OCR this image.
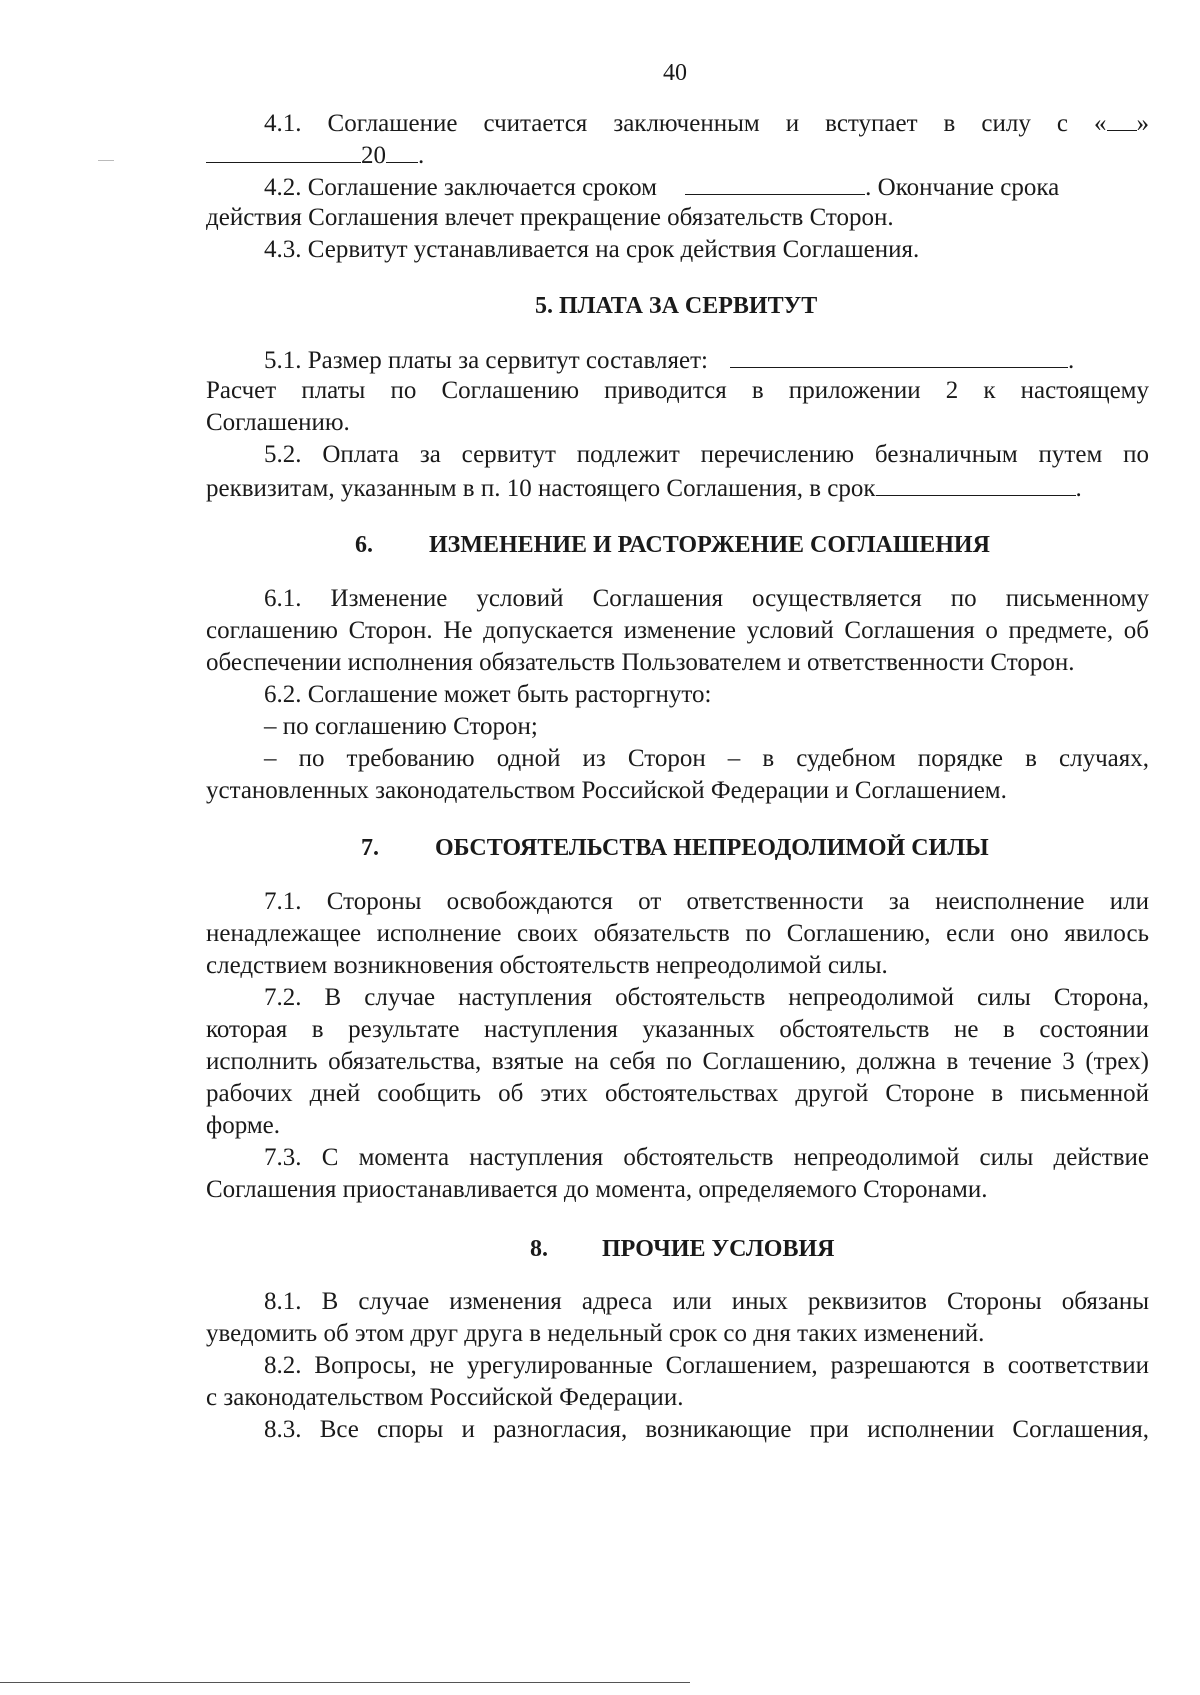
40
4.1. Соглашение считается заключенным и вступает в силу с « »
20 .
4.2. Соглашение заключается сроком	. Окончание срока
действия Соглашения влечет прекращение обязательств Сторон.
4.3. Сервитут устанавливается на срок действия Соглашения.
5. ПЛАТА ЗА СЕРВИТУТ
5.1. Размер платы за сервитут составляет:	.
Расчет платы по Соглашению приводится в приложении 2 к настоящему
Соглашению.
5.2. Оплата за сервитут подлежит перечислению безналичным путем по
реквизитам, указанным в п. 10 настоящего Соглашения, в срок	.
6. ИЗМЕНЕНИЕ И РАСТОРЖЕНИЕ СОГЛАШЕНИЯ
6.1. Изменение условий Соглашения осуществляется по письменному
соглашению Сторон. Не допускается изменение условий Соглашения о предмете, об
обеспечении исполнения обязательств Пользователем и ответственности Сторон.
6.2. Соглашение может быть расторгнуто:
– по соглашению Сторон;
– по требованию одной из Сторон – в судебном порядке в случаях,
установленных законодательством Российской Федерации и Соглашением.
7. ОБСТОЯТЕЛЬСТВА НЕПРЕОДОЛИМОЙ СИЛЫ
7.1. Стороны освобождаются от ответственности за неисполнение или
ненадлежащее исполнение своих обязательств по Соглашению, если оно явилось
следствием возникновения обстоятельств непреодолимой силы.
7.2. В случае наступления обстоятельств непреодолимой силы Сторона,
которая в результате наступления указанных обстоятельств не в состоянии
исполнить обязательства, взятые на себя по Соглашению, должна в течение 3 (трех)
рабочих дней сообщить об этих обстоятельствах другой Стороне в письменной
форме.
7.3. С момента наступления обстоятельств непреодолимой силы действие
Соглашения приостанавливается до момента, определяемого Сторонами.
8. ПРОЧИЕ УСЛОВИЯ
8.1. В случае изменения адреса или иных реквизитов Стороны обязаны
уведомить об этом друг друга в недельный срок со дня таких изменений.
8.2. Вопросы, не урегулированные Соглашением, разрешаются в соответствии
с законодательством Российской Федерации.
8.3. Все споры и разногласия, возникающие при исполнении Соглашения,
